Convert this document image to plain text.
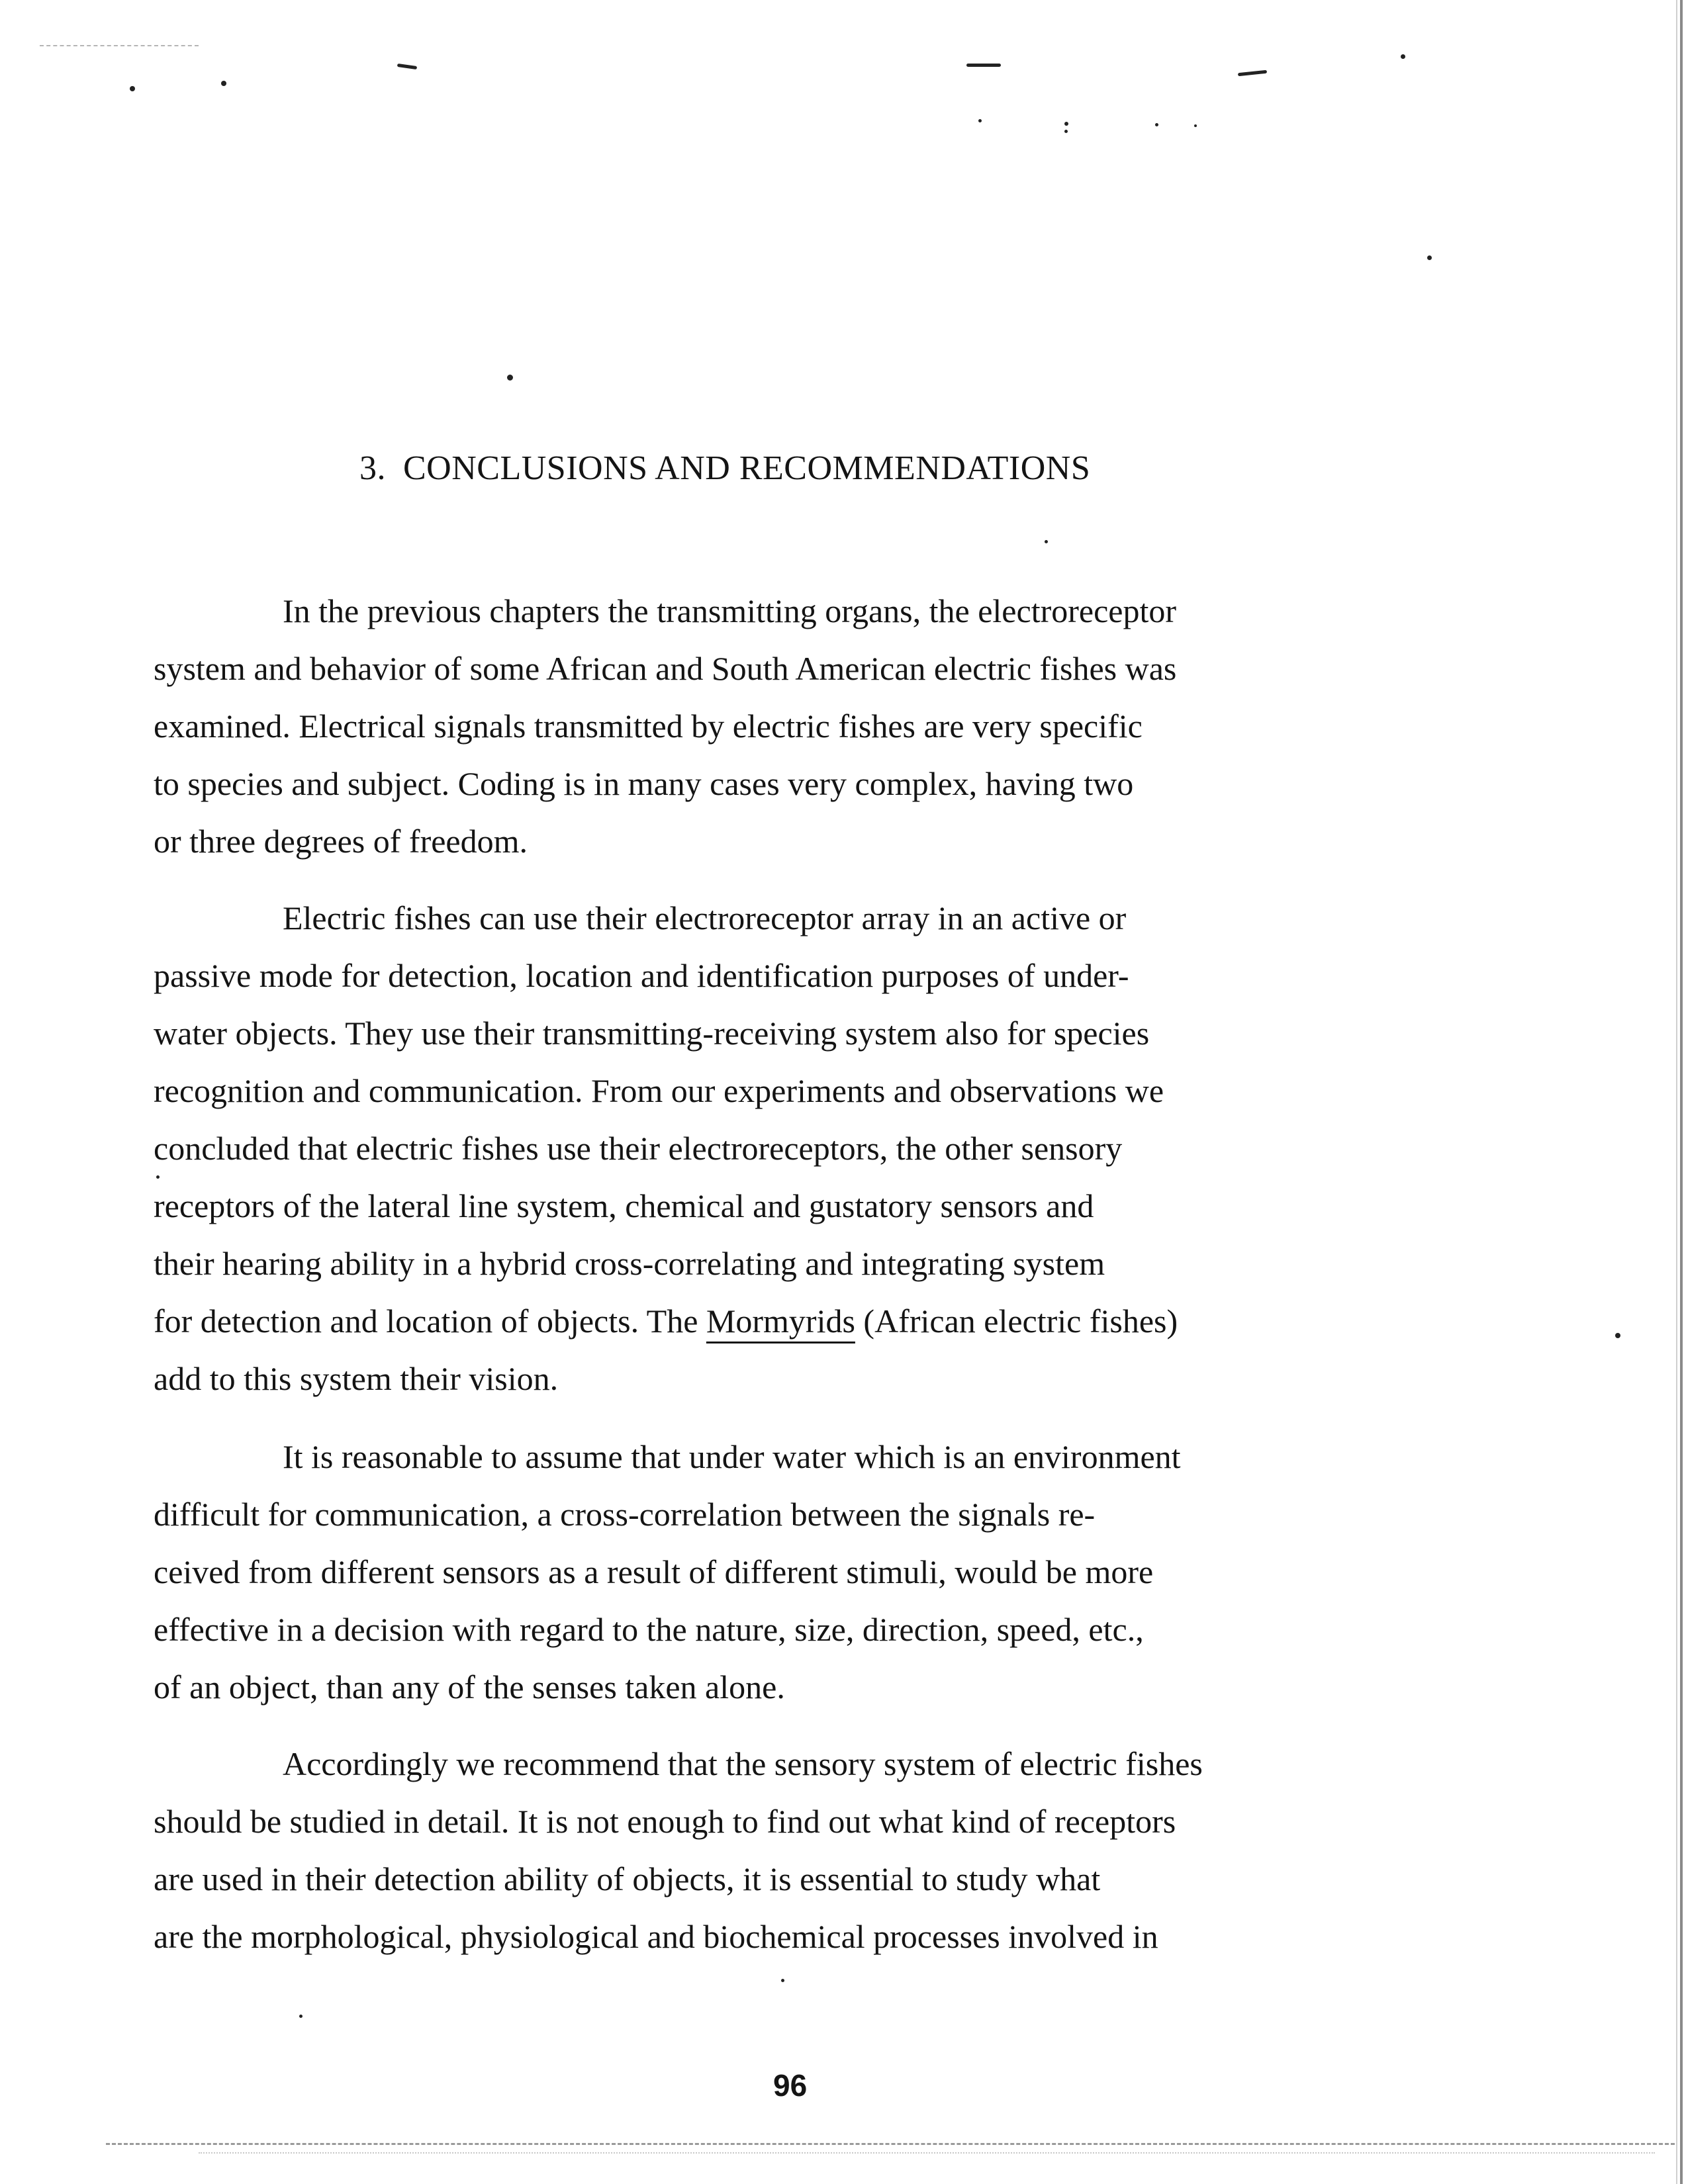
3. CONCLUSIONS AND RECOMMENDATIONS
In the previous chapters the transmitting organs, the electroreceptor
system and behavior of some African and South American electric fishes was
examined. Electrical signals transmitted by electric fishes are very specific
to species and subject. Coding is in many cases very complex, having two
or three degrees of freedom.
Electric fishes can use their electroreceptor array in an active or
passive mode for detection, location and identification purposes of under-
water objects. They use their transmitting-receiving system also for species
recognition and communication. From our experiments and observations we
concluded that electric fishes use their electroreceptors, the other sensory
receptors of the lateral line system, chemical and gustatory sensors and
their hearing ability in a hybrid cross-correlating and integrating system
for detection and location of objects. The Mormyrids (African electric fishes)
add to this system their vision.
It is reasonable to assume that under water which is an environment
difficult for communication, a cross-correlation between the signals re-
ceived from different sensors as a result of different stimuli, would be more
effective in a decision with regard to the nature, size, direction, speed, etc.,
of an object, than any of the senses taken alone.
Accordingly we recommend that the sensory system of electric fishes
should be studied in detail. It is not enough to find out what kind of receptors
are used in their detection ability of objects, it is essential to study what
are the morphological, physiological and biochemical processes involved in
96
